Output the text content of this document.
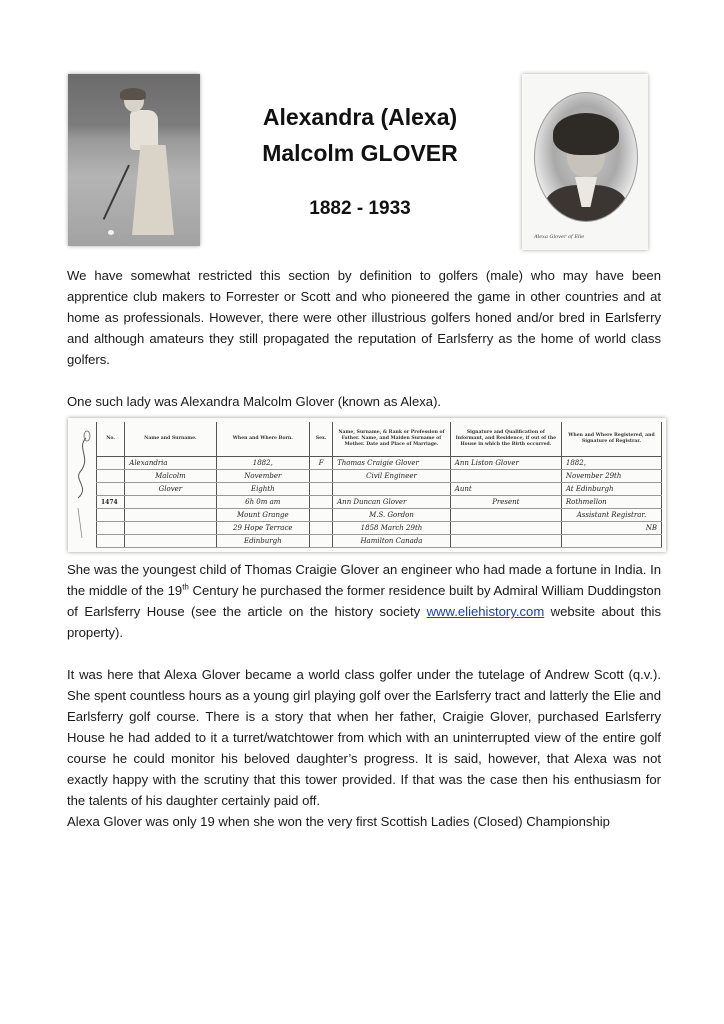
Alexa Glover of Elie
Alexandra (Alexa)
Malcolm GLOVER
1882 - 1933

We have somewhat restricted this section by definition to golfers (male) who may have been apprentice club makers to Forrester or Scott and who pioneered the game in other countries and at home as professionals. However, there were other illustrious golfers honed and/or bred in Earlsferry and although amateurs they still propagated the reputation of Earlsferry as the home of world class golfers.

One such lady was Alexandra Malcolm Glover (known as Alexa).

No.	Name and Surname.	When and Where Born.	Sex.	Name, Surname, & Rank or Profession of Father. Name, and Maiden Surname of Mother. Date and Place of Marriage.	Signature and Qualification of Informant, and Residence, if out of the House in which the Birth occurred.	When and Where Registered, and Signature of Registrar.
	Alexandria	1882,	F	Thomas Craigie Glover	Ann Liston Glover	1882,
	Malcolm	November		Civil Engineer		November 29th
	Glover	Eighth			Aunt	At Edinburgh
1474		6h 0m am		Ann Duncan Glover	Present	Rothmellon
		Mount Grange		M.S. Gordon		Assistant Registrar.
		29 Hope Terrace		1858 March 29th		NB
		Edinburgh		Hamilton Canada		

She was the youngest child of Thomas Craigie Glover an engineer who had made a fortune in India. In the middle of the 19th Century he purchased the former residence built by Admiral William Duddingston of Earlsferry House (see the article on the history society www.eliehistory.com website about this property).

It was here that Alexa Glover became a world class golfer under the tutelage of Andrew Scott (q.v.). She spent countless hours as a young girl playing golf over the Earlsferry tract and latterly the Elie and Earlsferry golf course. There is a story that when her father, Craigie Glover, purchased Earlsferry House he had added to it a turret/watchtower from which with an uninterrupted view of the entire golf course he could monitor his beloved daughter’s progress. It is said, however, that Alexa was not exactly happy with the scrutiny that this tower provided. If that was the case then his enthusiasm for the talents of his daughter certainly paid off.

Alexa Glover was only 19 when she won the very first Scottish Ladies (Closed) Championship
